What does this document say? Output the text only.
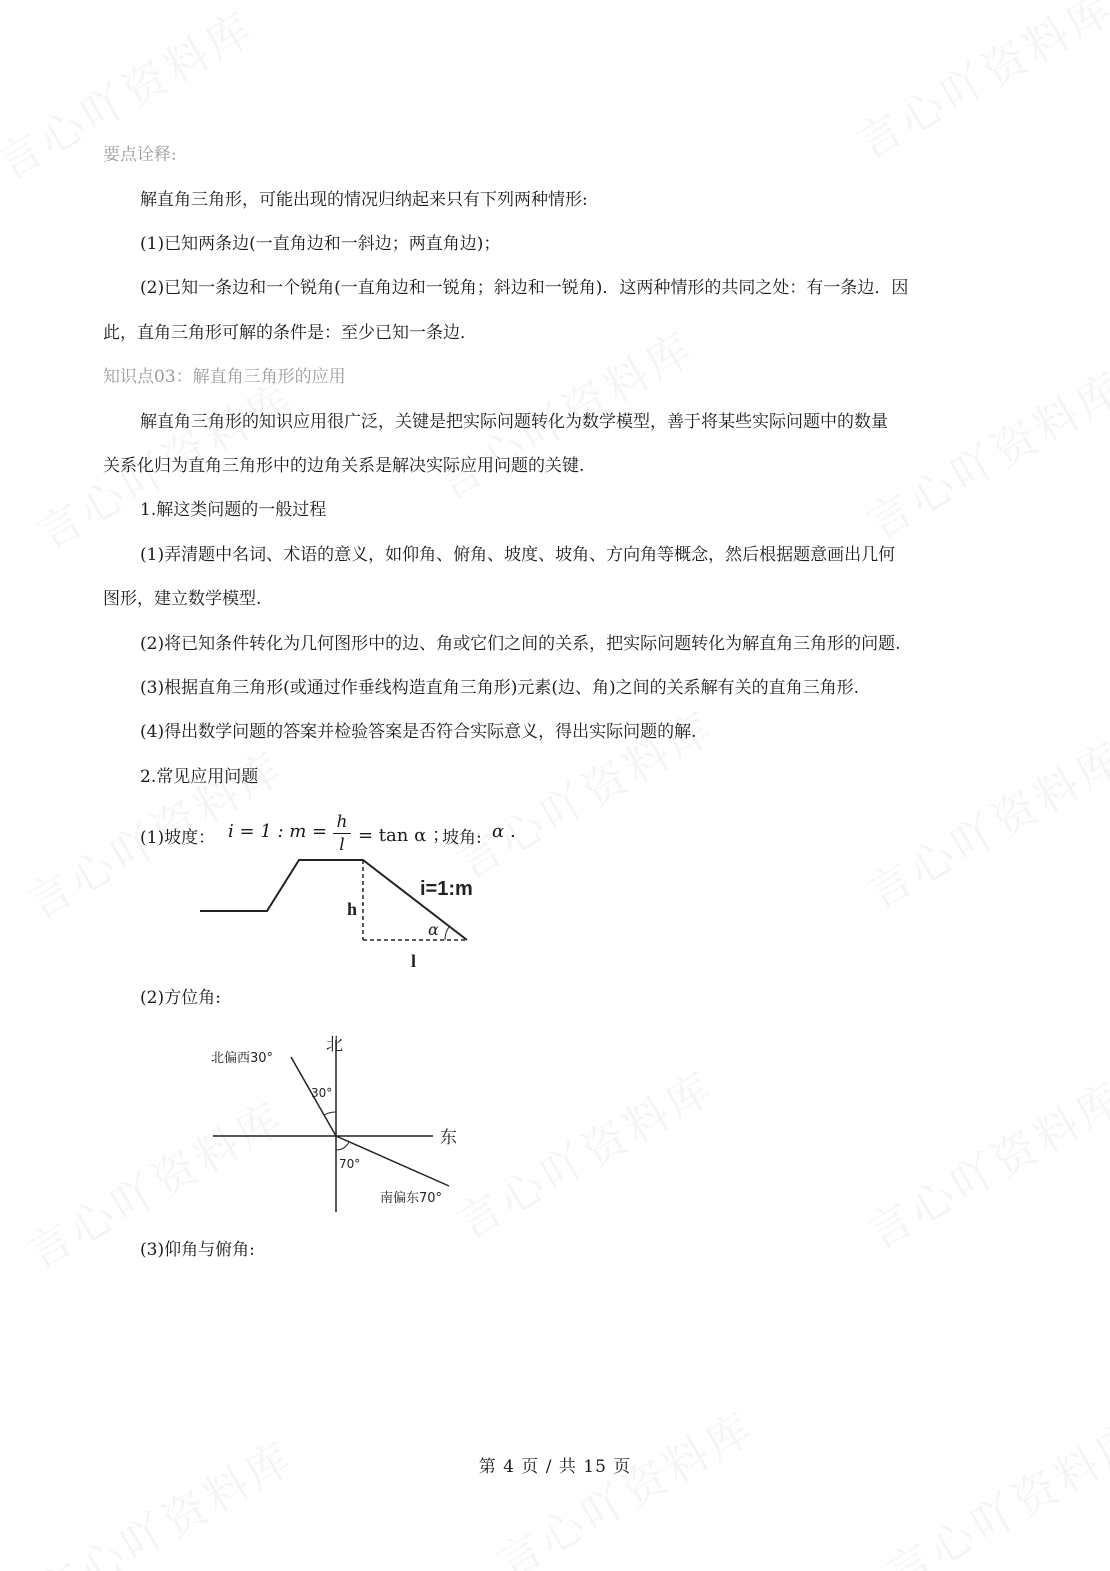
要点诠释:
解直角三角形，可能出现的情况归纳起来只有下列两种情形:
(1)已知两条边(一直角边和一斜边；两直角边)；
(2)已知一条边和一个锐角(一直角边和一锐角；斜边和一锐角)．这两种情形的共同之处：有一条边．因
此，直角三角形可解的条件是：至少已知一条边．
知识点03：解直角三角形的应用
解直角三角形的知识应用很广泛，关键是把实际问题转化为数学模型，善于将某些实际问题中的数量
关系化归为直角三角形中的边角关系是解决实际应用问题的关键.
1.解这类问题的一般过程
(1)弄清题中名词、术语的意义，如仰角、俯角、坡度、坡角、方向角等概念，然后根据题意画出几何
图形，建立数学模型.
(2)将已知条件转化为几何图形中的边、角或它们之间的关系，把实际问题转化为解直角三角形的问题.
(3)根据直角三角形(或通过作垂线构造直角三角形)元素(边、角)之间的关系解有关的直角三角形.
(4)得出数学问题的答案并检验答案是否符合实际意义，得出实际问题的解.
2.常见应用问题
(1)坡度： i = 1 : m = h
l = tan α ；
坡角: α .
i=1:m
h
α
l
(2)方位角:
北
东
北偏西30°
30°
70°
南偏东70°
(3)仰角与俯角:
第 4 页 / 共 15 页
